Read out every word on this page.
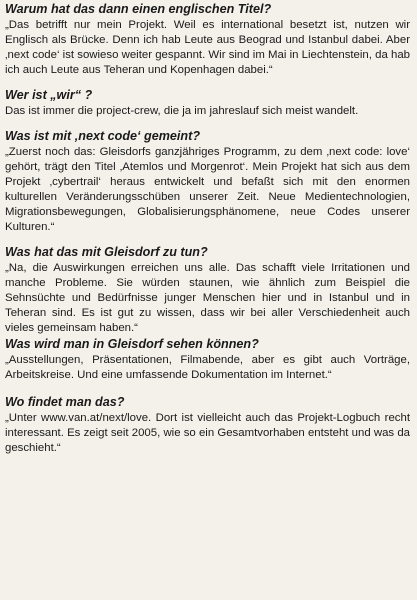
Warum hat das dann einen englischen Titel?

„Das betrifft nur mein Projekt. Weil es international besetzt ist, nutzen wir Englisch als Brücke. Denn ich hab Leute aus Beograd und Istanbul dabei. Aber ‚next code‘ ist sowieso weiter gespannt. Wir sind im Mai in Liechtenstein, da hab ich auch Leute aus Teheran und Kopenhagen dabei.“

Wer ist „wir“ ?

Das ist immer die project-crew, die ja im jahreslauf sich meist wandelt.

Was ist mit ‚next code‘ gemeint?

„Zuerst noch das: Gleisdorfs ganzjähriges Programm, zu dem ‚next code: love‘ gehört, trägt den Titel ‚Atemlos und Morgenrot‘. Mein Projekt hat sich aus dem Projekt ‚cybertrail‘ heraus entwickelt und befaßt sich mit den enormen kulturellen Veränderungsschüben unserer Zeit. Neue Medientechnologien, Migrationsbewegungen, Globalisierungsphänomene, neue Codes unserer Kulturen.“

Was hat das mit Gleisdorf zu tun?

„Na, die Auswirkungen erreichen uns alle. Das schafft viele Irritationen und manche Probleme. Sie würden staunen, wie ähnlich zum Beispiel die Sehnsüchte und Bedürfnisse junger Menschen hier und in Istanbul und in Teheran sind. Es ist gut zu wissen, dass wir bei aller Verschiedenheit auch vieles gemeinsam haben.“

Was wird man in Gleisdorf sehen können?

„Ausstellungen, Präsentationen, Filmabende, aber es gibt auch Vorträge, Arbeitskreise. Und eine umfassende Dokumentation im Internet.“

Wo findet man das?

„Unter www.van.at/next/love. Dort ist vielleicht auch das Projekt-Logbuch recht interessant. Es zeigt seit 2005, wie so ein Gesamtvorhaben entsteht und was da geschieht.“
